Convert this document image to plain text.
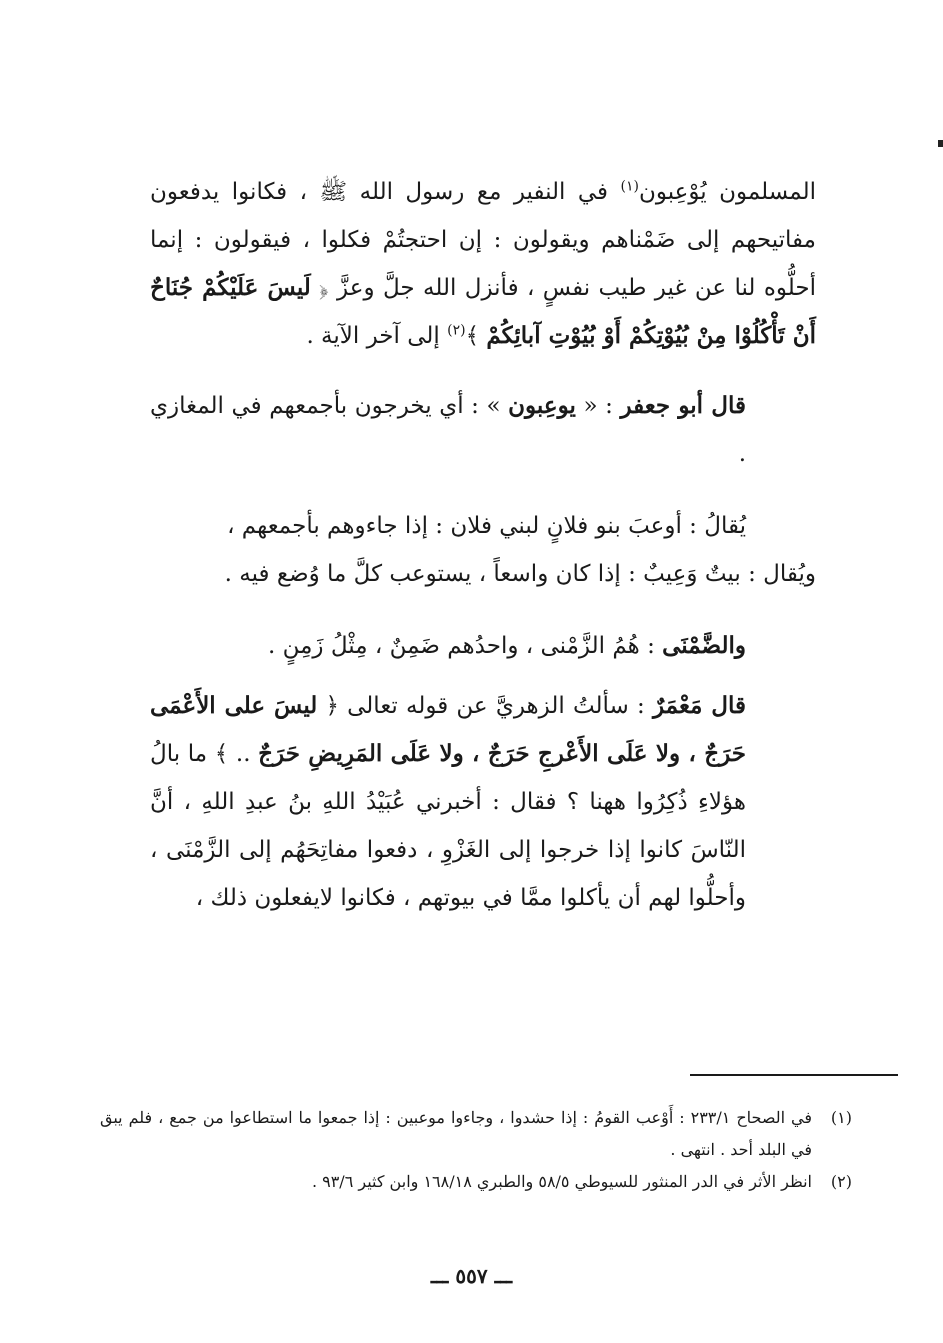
المسلمون يُوْعِبون$^{(١)}$ في النفير مع رسول الله ﷺ ، فكانوا يدفعون مفاتيحهم إلى ضَمْناهم ويقولون : إن احتجتُمْ فكلوا ، فيقولون : إنما أحلُّوه لنا عن غير طيب نفسٍ ، فأنزل الله جلَّ وعزَّ ﴿ لَيسَ عَلَيْكُمْ جُنَاحٌ أَنْ تَأْكُلُوْا مِنْ بُيُوْتِكُمْ أَوْ بُيُوْتِ آبائِكُمْ ﴾$^{(٢)}$ إلى آخر الآية .

قال أبو جعفر : « يوعِبون » : أي يخرجون بأجمعهم في المغازي .

يُقالُ : أوعبَ بنو فلانٍ لبني فلان : إذا جاءوهم بأجمعهم ،

ويُقال : بيتٌ وَعِيبٌ : إذا كان واسعاً ، يستوعب كلَّ ما وُضع فيه .

والضَّمْنَى : هُمُ الزَّمْنى ، واحدُهم ضَمِنٌ ، مِثْلُ زَمِنٍ .

قال مَعْمَرٌ : سألتُ الزهريَّ عن قوله تعالى ﴿ ليسَ على الأَعْمَى حَرَجٌ ، ولا عَلَى الأَعْرجِ حَرَجٌ ، ولا عَلَى المَرِيضِ حَرَجٌ .. ﴾ ما بالُ هؤلاءِ ذُكِرُوا ههنا ؟ فقال : أخبرني عُبَيْدُ اللهِ بنُ عبدِ اللهِ ، أنَّ النّاسَ كانوا إذا خرجوا إلى الغَزْوِ ، دفعوا مفاتِحَهُم إلى الزَّمْنَى ، وأحلُّوا لهم أن يأكلوا ممَّا في بيوتهم ، فكانوا لايفعلون ذلك ،

(١)
في الصحاح ٢٣٣/١ : أَوْعب القومُ : إذا حشدوا ، وجاءوا موعبين : إذا جمعوا ما استطاعوا من جمع ، فلم يبق في البلد أحد . انتهى .
(٢)
انظر الأثر في الدر المنثور للسيوطي ٥٨/٥ والطبري ١٦٨/١٨ وابن كثير ٩٣/٦ .
ـــ ٥٥٧ ـــ
